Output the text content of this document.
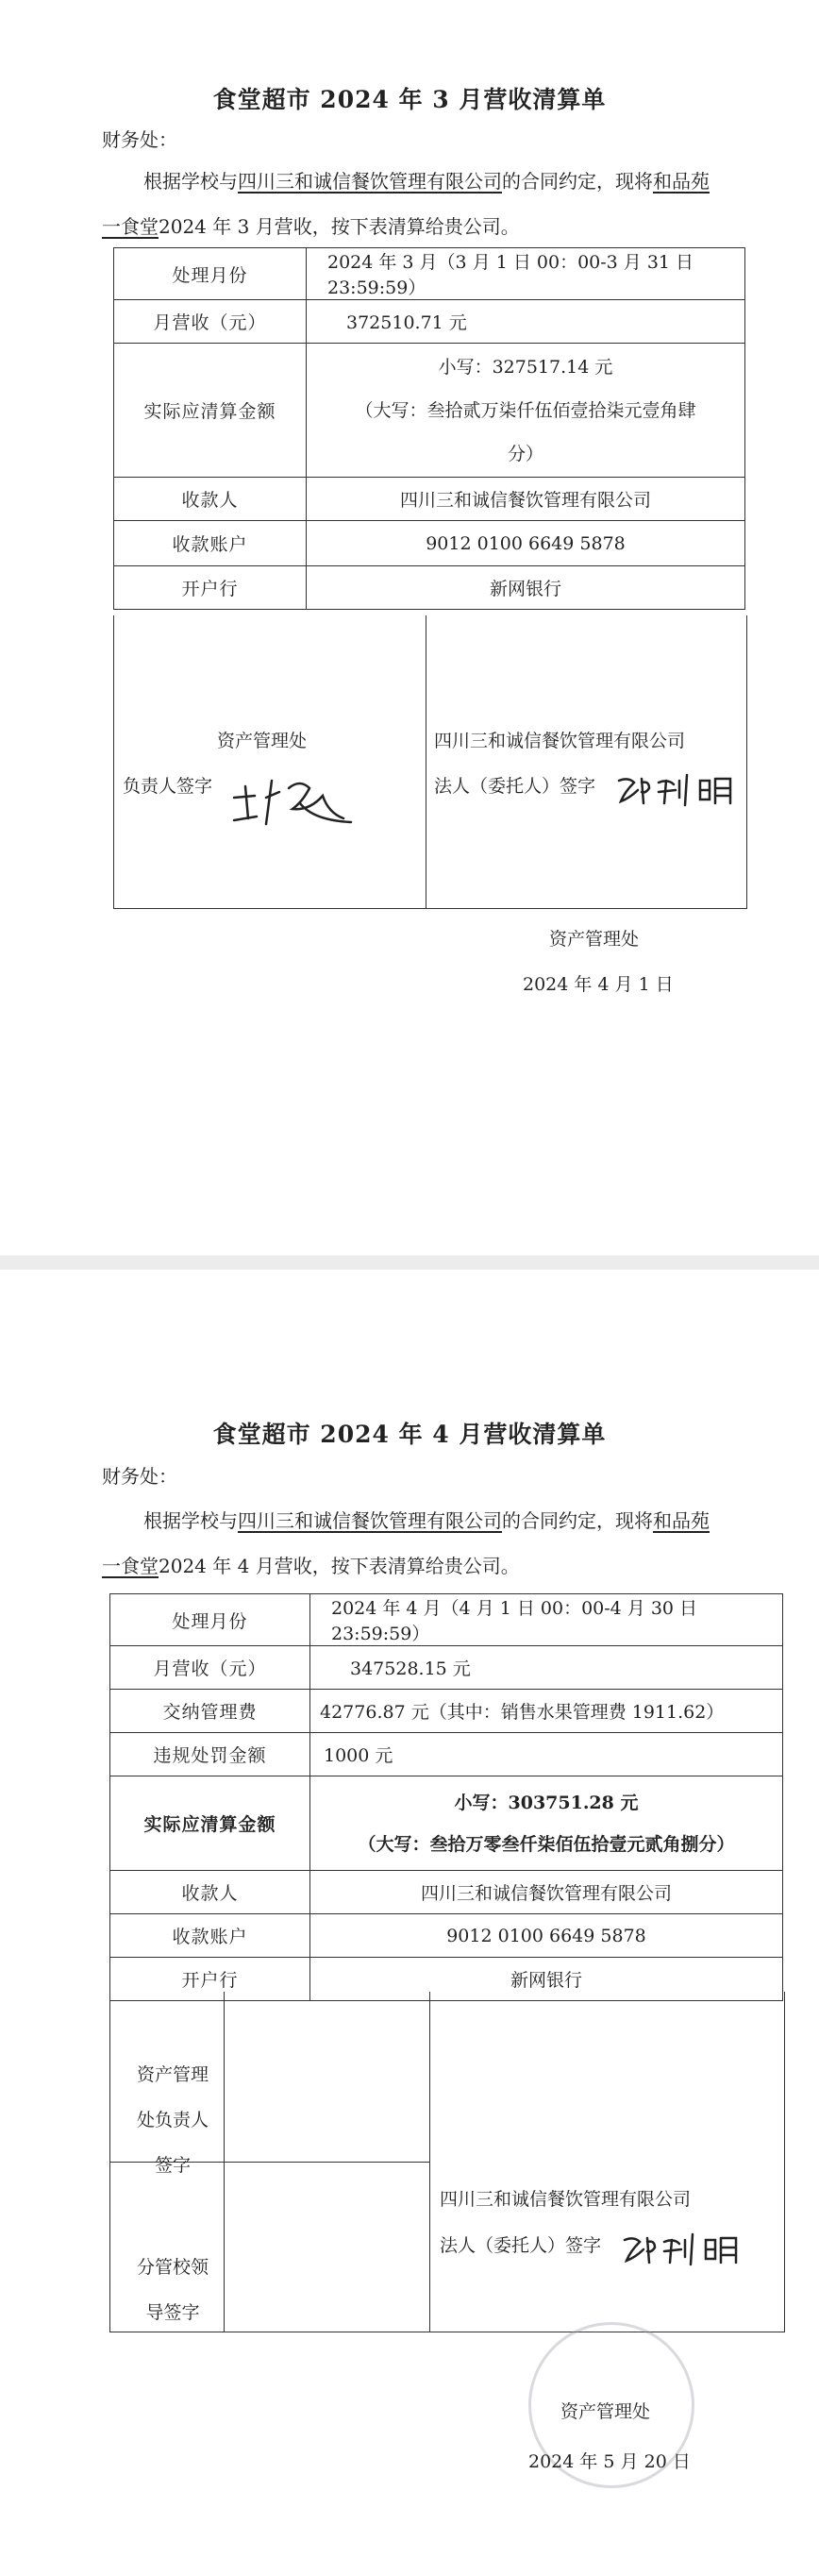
食堂超市 2024 年 3 月营收清算单
财务处：
根据学校与四川三和诚信餐饮管理有限公司的合同约定，现将和品苑
一食堂2024 年 3 月营收，按下表清算给贵公司。
处理月份	2024 年 3 月（3 月 1 日 00：00-3 月 31 日 23:59:59）
月营收（元）	372510.71 元
实际应清算金额	小写：327517.14 元
（大写：叁拾贰万柒仟伍佰壹拾柒元壹角肆
分）

收款人	四川三和诚信餐饮管理有限公司
收款账户	9012 0100 6649 5878
开户行	新网银行
资产管理处
负责人签字
四川三和诚信餐饮管理有限公司
法人（委托人）签字
资产管理处
2024 年 4 月 1 日
食堂超市 2024 年 4 月营收清算单
财务处：
根据学校与四川三和诚信餐饮管理有限公司的合同约定，现将和品苑
一食堂2024 年 4 月营收，按下表清算给贵公司。
处理月份	2024 年 4 月（4 月 1 日 00：00-4 月 30 日 23:59:59）
月营收（元）	347528.15 元
交纳管理费	42776.87 元（其中：销售水果管理费 1911.62）
违规处罚金额	1000 元
实际应清算金额	小写：303751.28 元
（大写：叁拾万零叁仟柒佰伍拾壹元贰角捌分）

收款人	四川三和诚信餐饮管理有限公司
收款账户	9012 0100 6649 5878
开户行	新网银行
资产管理
处负责人
签字
分管校领
导签字
四川三和诚信餐饮管理有限公司
法人（委托人）签字
资产管理处
2024 年 5 月 20 日
